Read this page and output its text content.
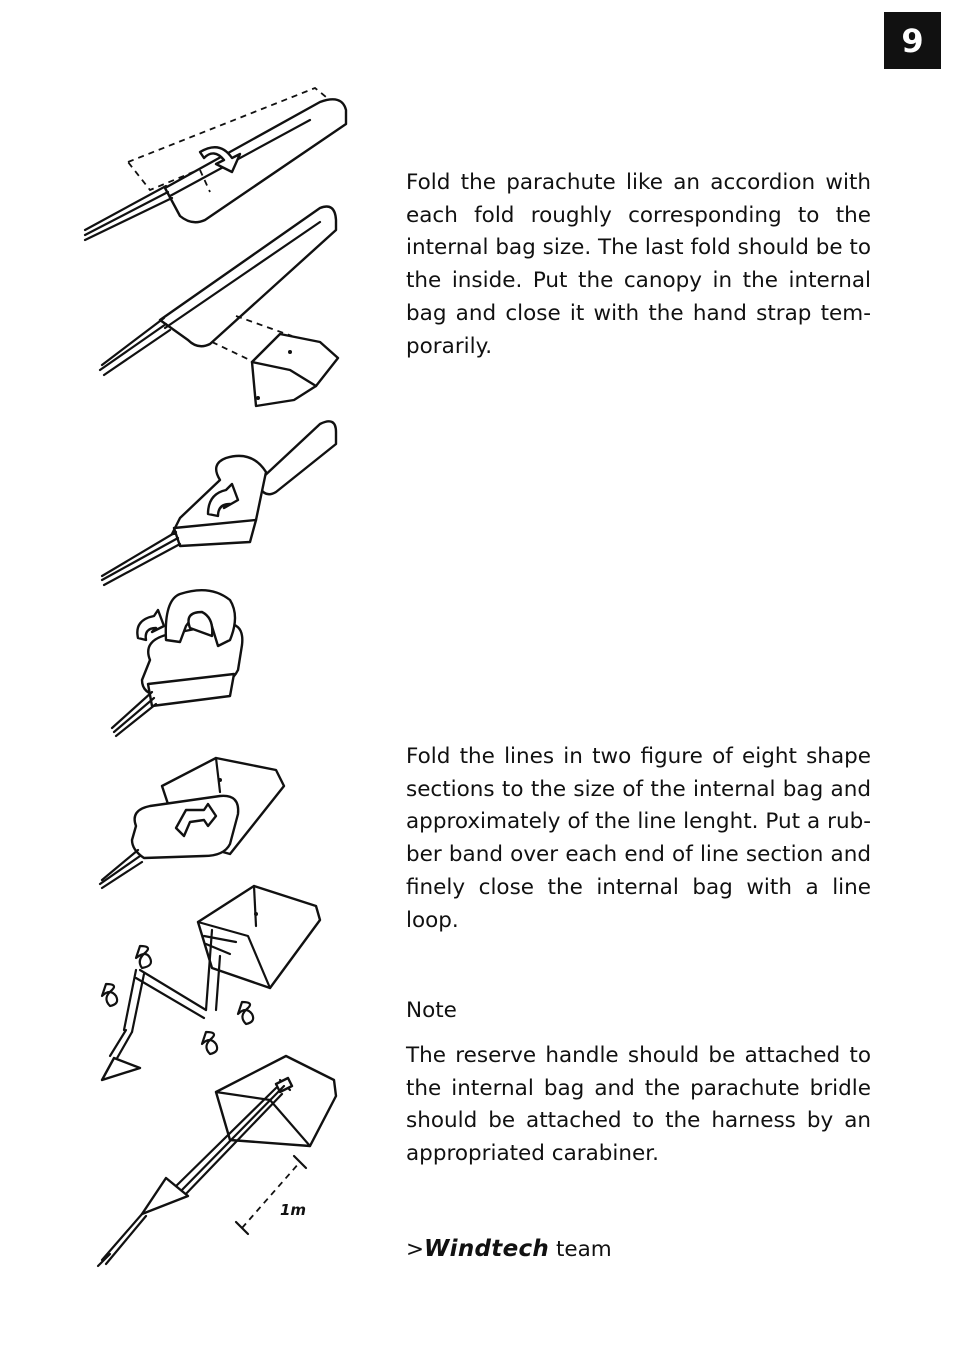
9
1m

Fold the parachute like an accordion with each fold roughly corresponding to the internal bag size. The last fold should be to the inside. Put the canopy in the internal bag and close it with the hand strap temporarily.

Fold the lines in two figure of eight shape sections to the size of the internal bag and approximately of the line lenght. Put a rubber band over each end of line section and finely close the internal bag with a line loop.

Note

The reserve handle should be attached to the internal bag and the parachute bridle should be attached to the harness by an appropriated carabiner.

>Windtech team
